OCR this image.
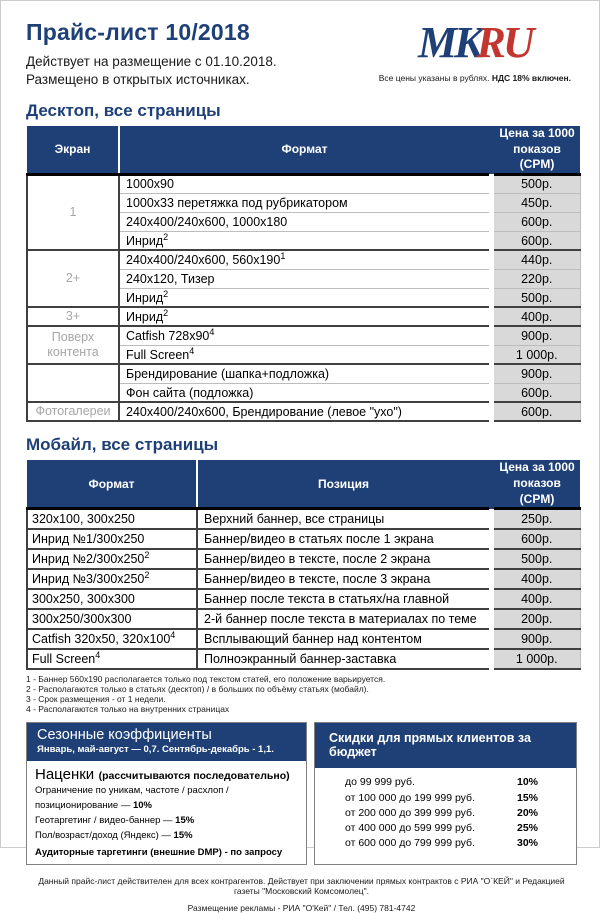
Прайс-лист 10/2018
Действует на размещение с 01.10.2018.
Размещено в открытых источниках.
MKRU
Все цены указаны в рублях. НДС 18% включен.
Десктоп, все страницы
Экран	Формат		Цена за 1000 показов (CPM)
1	1000x90		500р.
	1000x33 перетяжка под рубрикатором		450р.
	240x400/240x600, 1000x180		600р.
	Инрид$^2$		600р.
2+	240x400/240x600, $560x190^1$		440р.
	240x120, Тизер		220р.
	Инрид$^2$		500р.
3+	Инрид$^2$		400р.
Поверх контента	Catfish $728x90^4$		900р.
	Full Screen$^4$		1 000р.
	Брендирование (шапка+подложка)		900р.
	Фон сайта (подложка)		600р.
Фотогалереи	240x400/240x600, Брендирование (левое "ухо")		600р.
Мобайл, все страницы
Формат	Позиция		Цена за 1000 показов (CPM)
320x100, 300x250	Верхний баннер, все страницы		250р.
Инрид №1/300x250	Баннер/видео в статьях после 1 экрана		600р.
Инрид $№2/300x250^2$	Баннер/видео в тексте, после 2 экрана		500р.
Инрид $№3/300x250^2$	Баннер/видео в тексте, после 3 экрана		400р.
300x250, 300x300	Баннер после текста в статьях/на главной		400р.
300x250/300x300	2-й баннер после текста в материалах по теме		200р.
Catfish 320x50, $320x100^4$	Всплывающий баннер над контентом		900р.
Full Screen$^4$	Полноэкранный баннер-заставка		1 000р.
1 - Баннер 560x190 располагается только под текстом статей, его положение варьируется.
2 - Располагаются только в статьях (десктоп) / в больших по объёму статьях (мобайл).
3 - Срок размещения - от 1 недели.
4 - Располагаются только на внутренних страницах
Сезонные коэффициенты
Январь, май-август — 0,7. Сентябрь-декабрь - 1,1.
Наценки (рассчитываются последовательно)
Ограничение по уникам, частоте / расхлоп / позиционирование — 10%
Геотаргетинг / видео-баннер — 15%
Пол/возраст/доход (Яндекс) — 15%
Аудиторные таргетинги (внешние DMP) - по запросу
Скидки для прямых клиентов за бюджет
до 99 999 руб.	10%
от 100 000 до 199 999 руб.	15%
от 200 000 до 399 999 руб.	20%
от 400 000 до 599 999 руб.	25%
от 600 000 до 799 999 руб.	30%
Данный прайс-лист действителен для всех контрагентов. Действует при заключении прямых контрактов с РИА "О`КЕЙ" и Редакцией газеты "Московский Комсомолец".
Размещение рекламы - РИА "О'Кей" / Тел. (495) 781-4742
